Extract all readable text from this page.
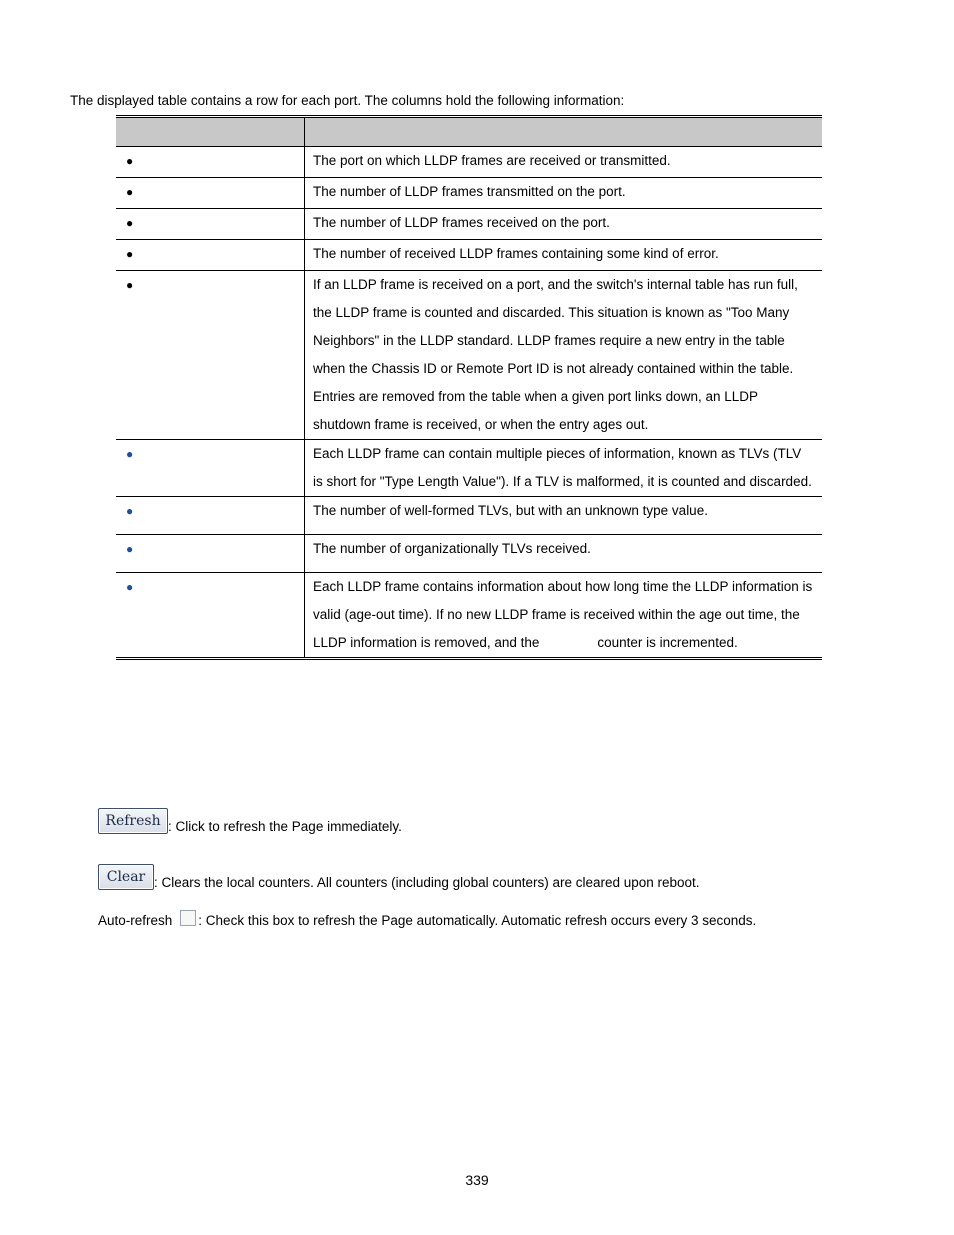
The displayed table contains a row for each port. The columns hold the following information:

●	The port on which LLDP frames are received or transmitted.
●	The number of LLDP frames transmitted on the port.
●	The number of LLDP frames received on the port.
●	The number of received LLDP frames containing some kind of error.
●	If an LLDP frame is received on a port, and the switch's internal table has run full, the LLDP frame is counted and discarded. This situation is known as "Too Many Neighbors" in the LLDP standard. LLDP frames require a new entry in the table when the Chassis ID or Remote Port ID is not already contained within the table. Entries are removed from the table when a given port links down, an LLDP shutdown frame is received, or when the entry ages out.
●	Each LLDP frame can contain multiple pieces of information, known as TLVs (TLV is short for "Type Length Value"). If a TLV is malformed, it is counted and discarded.
●	The number of well-formed TLVs, but with an unknown type value.
●	The number of organizationally TLVs received.
●	Each LLDP frame contains information about how long time the LLDP information is valid (age-out time). If no new LLDP frame is received within the age out time, the LLDP information is removed, and the counter is incremented.
Refresh : Click to refresh the Page immediately.
Clear : Clears the local counters. All counters (including global counters) are cleared upon reboot.
Auto-refresh : Check this box to refresh the Page automatically. Automatic refresh occurs every 3 seconds.
339
